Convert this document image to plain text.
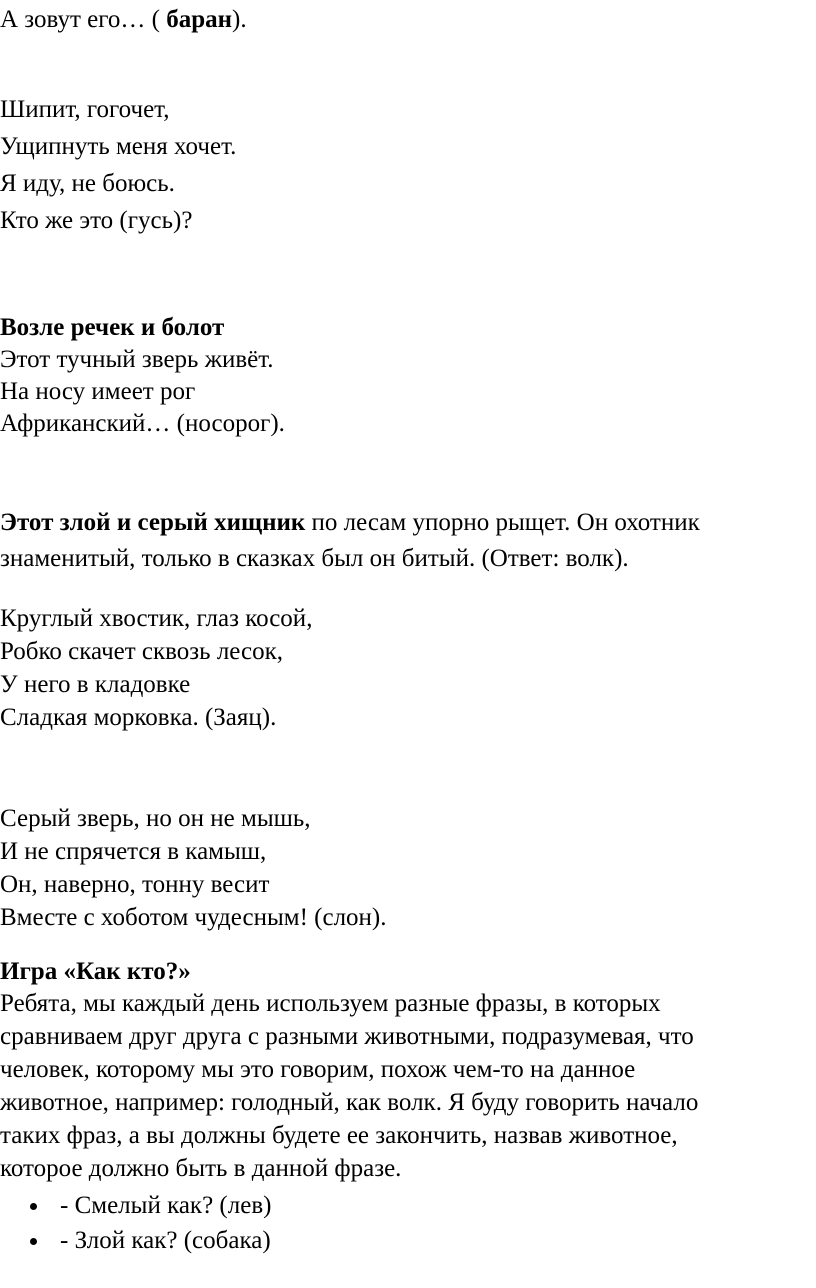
А зовут его… ( баран).
Шипит, гогочет,
Ущипнуть меня хочет.
Я иду, не боюсь.
Кто же это (гусь)?
Возле речек и болот
Этот тучный зверь живёт.
На носу имеет рог
Африканский… (носорог).
Этот злой и серый хищник по лесам упорно рыщет. Он охотник
знаменитый, только в сказках был он битый. (Ответ: волк).
Круглый хвостик, глаз косой,
Робко скачет сквозь лесок,
У него в кладовке
Сладкая морковка. (Заяц).
Серый зверь, но он не мышь,
И не спрячется в камыш,
Он, наверно, тонну весит
Вместе с хоботом чудесным! (слон).
Игра «Как кто?»
Ребята, мы каждый день используем разные фразы, в которых
сравниваем друг друга с разными животными, подразумевая, что
человек, которому мы это говорим, похож чем-то на данное
животное, например: голодный, как волк. Я буду говорить начало
таких фраз, а вы должны будете ее закончить, назвав животное,
которое должно быть в данной фразе.
- Смелый как? (лев)
- Злой как? (собака)
